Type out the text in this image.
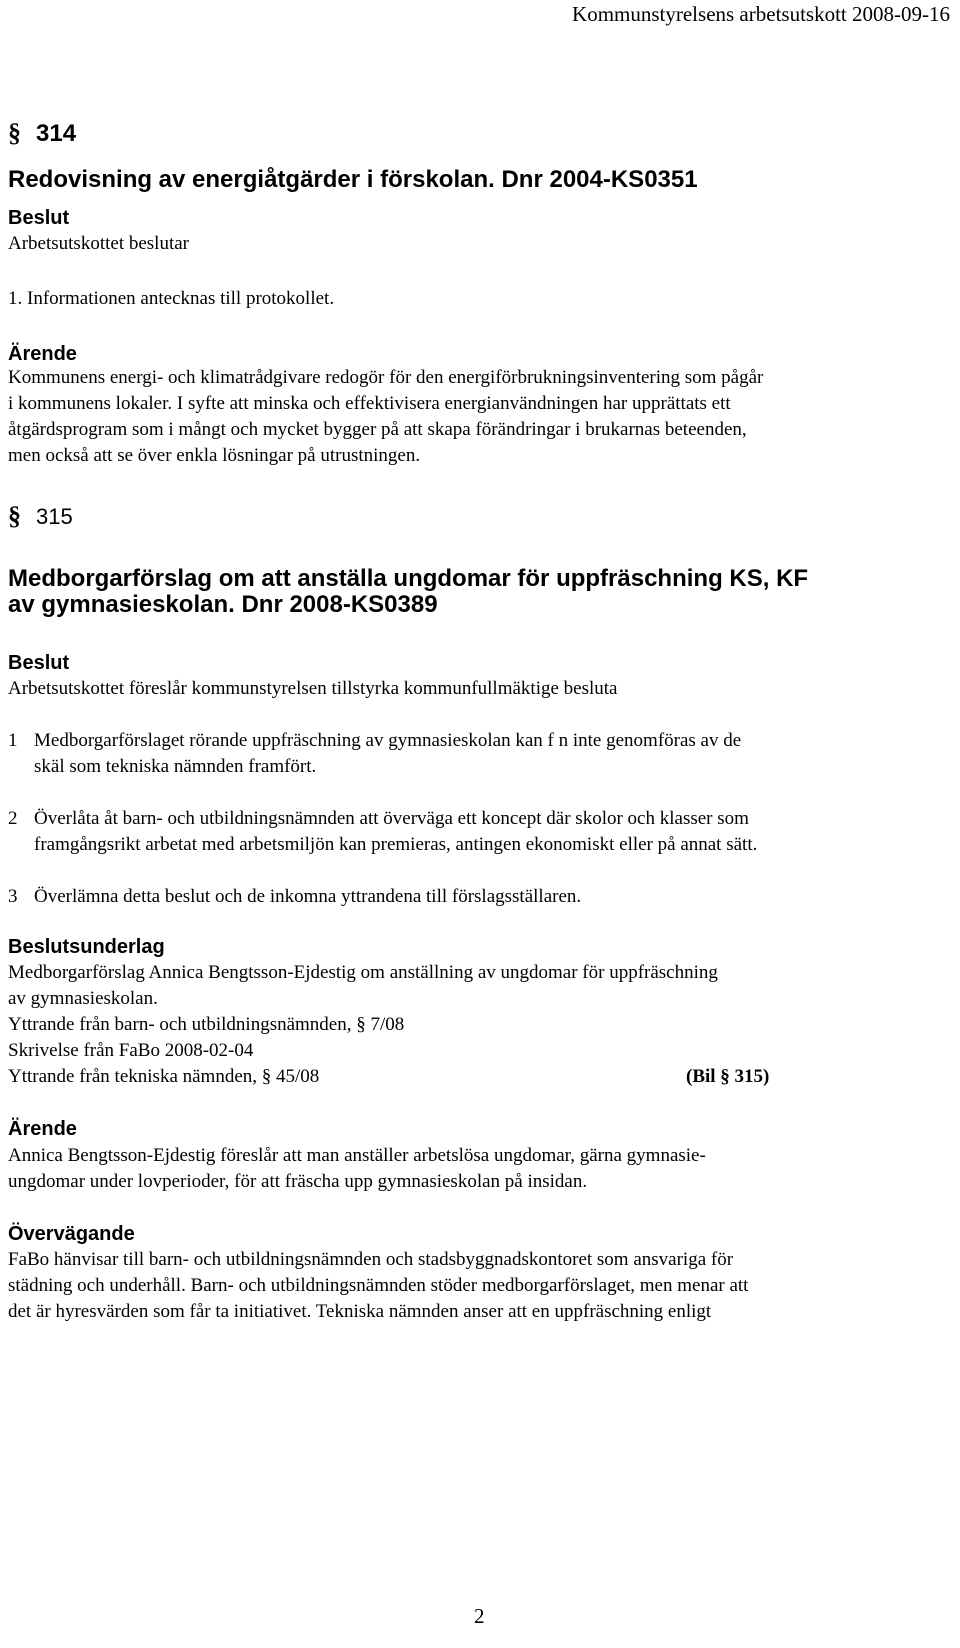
Kommunstyrelsens arbetsutskott 2008-09-16
§ 314
Redovisning av energiåtgärder i förskolan. Dnr 2004-KS0351
Beslut
Arbetsutskottet beslutar
1. Informationen antecknas till protokollet.
Ärende
Kommunens energi- och klimatrådgivare redogör för den energiförbrukningsinventering som pågår
i kommunens lokaler. I syfte att minska och effektivisera energianvändningen har upprättats ett
åtgärdsprogram som i mångt och mycket bygger på att skapa förändringar i brukarnas beteenden,
men också att se över enkla lösningar på utrustningen.
§ 315
Medborgarförslag om att anställa ungdomar för uppfräschning KS, KF
av gymnasieskolan. Dnr 2008-KS0389
Beslut
Arbetsutskottet föreslår kommunstyrelsen tillstyrka kommunfullmäktige besluta
1 Medborgarförslaget rörande uppfräschning av gymnasieskolan kan f n inte genomföras av de
skäl som tekniska nämnden framfört.
2 Överlåta åt barn- och utbildningsnämnden att överväga ett koncept där skolor och klasser som
framgångsrikt arbetat med arbetsmiljön kan premieras, antingen ekonomiskt eller på annat sätt.
3 Överlämna detta beslut och de inkomna yttrandena till förslagsställaren.
Beslutsunderlag
Medborgarförslag Annica Bengtsson-Ejdestig om anställning av ungdomar för uppfräschning
av gymnasieskolan.
Yttrande från barn- och utbildningsnämnden, § 7/08
Skrivelse från FaBo 2008-02-04
Yttrande från tekniska nämnden, § 45/08	(Bil § 315)
Ärende
Annica Bengtsson-Ejdestig föreslår att man anställer arbetslösa ungdomar, gärna gymnasie-
ungdomar under lovperioder, för att fräscha upp gymnasieskolan på insidan.
Övervägande
FaBo hänvisar till barn- och utbildningsnämnden och stadsbyggnadskontoret som ansvariga för
städning och underhåll. Barn- och utbildningsnämnden stöder medborgarförslaget, men menar att
det är hyresvärden som får ta initiativet. Tekniska nämnden anser att en uppfräschning enligt
2
